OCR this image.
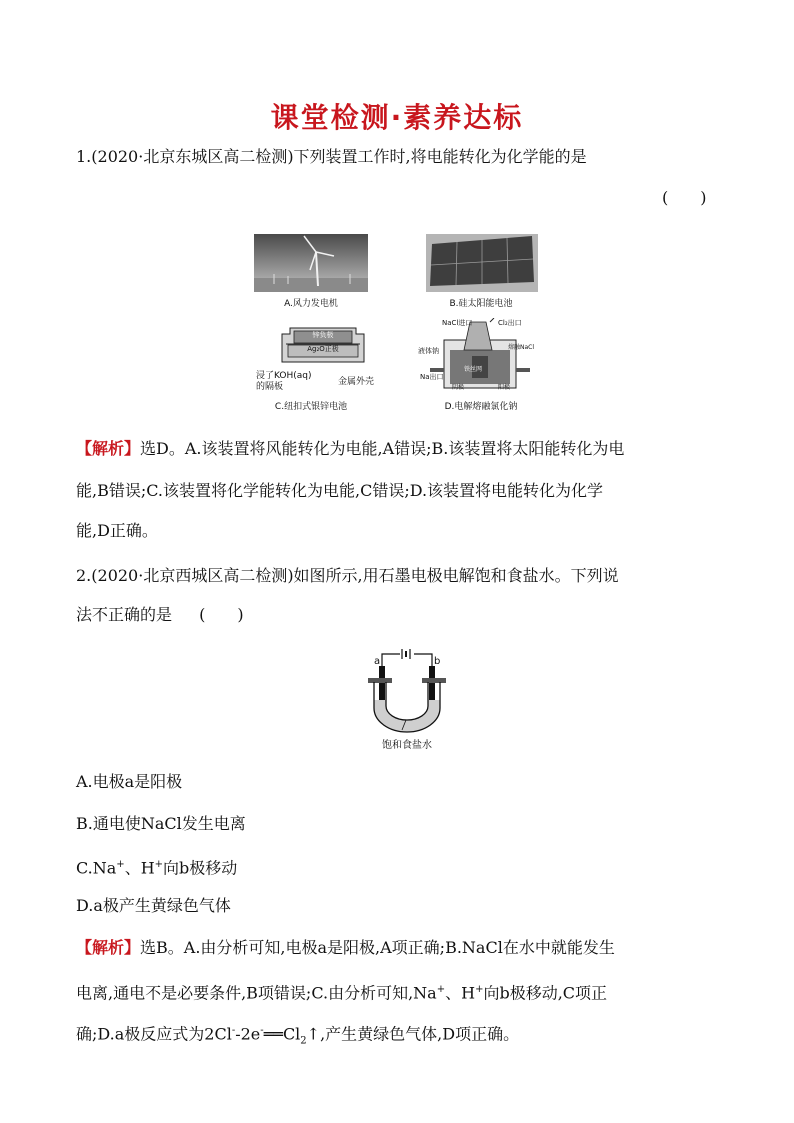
课堂检测·素养达标
1.(2020·北京东城区高二检测)下列装置工作时,将电能转化为化学能的是
(　　)
A.风力发电机	B.硅太阳能电池
锌负极
Ag₂O正极
浸了KOH(aq)
的隔板	金属外壳
C.纽扣式银锌电池
NaCl进口	Cl₂出口
液体钠
Na出口
阴极	阳极
熔融NaCl
铁丝网
D.电解熔融氯化钠
【解析】选D。A.该装置将风能转化为电能,A错误;B.该装置将太阳能转化为电
能,B错误;C.该装置将化学能转化为电能,C错误;D.该装置将电能转化为化学
能,D正确。
2.(2020·北京西城区高二检测)如图所示,用石墨电极电解饱和食盐水。下列说
法不正确的是 (　　)
a	b
饱和食盐水
A.电极a是阳极
B.通电使NaCl发生电离
C.Na+、H+向b极移动
D.a极产生黄绿色气体
【解析】选B。A.由分析可知,电极a是阳极,A项正确;B.NaCl在水中就能发生
电离,通电不是必要条件,B项错误;C.由分析可知,Na+、H+向b极移动,C项正
确;D.a极反应式为$2Cl^--2e^-══Cl_2↑$,产生黄绿色气体,D项正确。
